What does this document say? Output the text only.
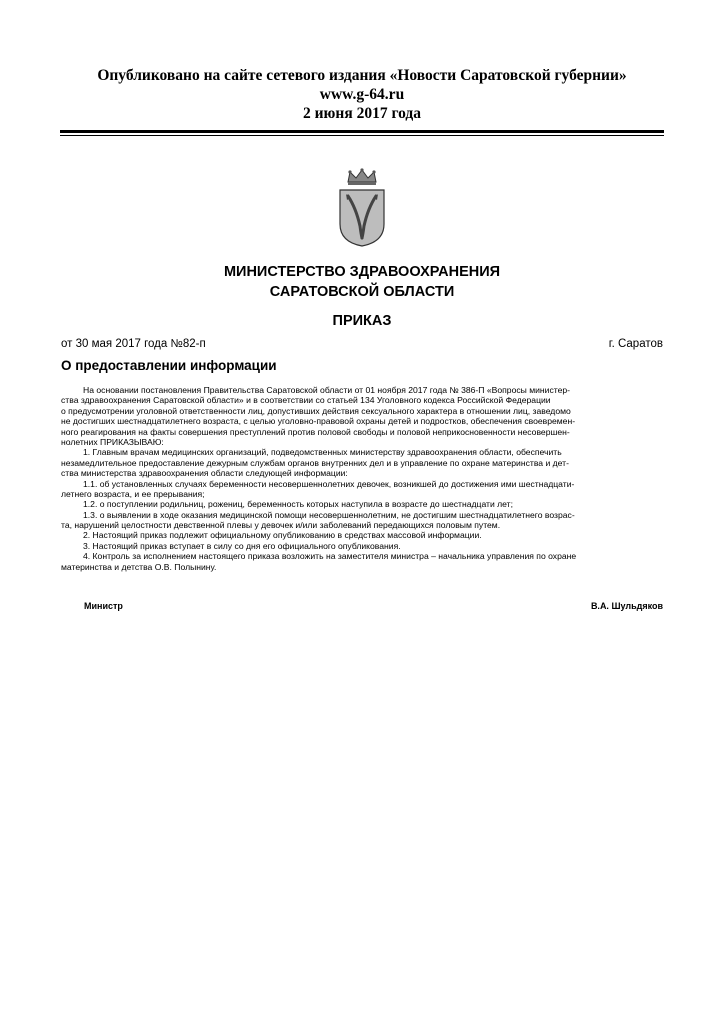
Опубликовано на сайте сетевого издания «Новости Саратовской губернии»
www.g-64.ru
2 июня 2017 года
МИНИСТЕРСТВО ЗДРАВООХРАНЕНИЯ
САРАТОВСКОЙ ОБЛАСТИ
ПРИКАЗ
от 30 мая 2017 года №82-п	г. Саратов
О предоставлении информации
На основании постановления Правительства Саратовской области от 01 ноября 2017 года № 386-П «Вопросы министер-
ства здравоохранения Саратовской области» и в соответствии со статьей 134 Уголовного кодекса Российской Федерации
о предусмотрении уголовной ответственности лиц, допустивших действия сексуального характера в отношении лиц, заведомо
не достигших шестнадцатилетнего возраста, с целью уголовно-правовой охраны детей и подростков, обеспечения своевремен-
ного реагирования на факты совершения преступлений против половой свободы и половой неприкосновенности несовершен-
нолетних ПРИКАЗЫВАЮ:
1. Главным врачам медицинских организаций, подведомственных министерству здравоохранения области, обеспечить
незамедлительное предоставление дежурным службам органов внутренних дел и в управление по охране материнства и дет-
ства министерства здравоохранения области следующей информации:
1.1. об установленных случаях беременности несовершеннолетних девочек, возникшей до достижения ими шестнадцати-
летнего возраста, и ее прерывания;
1.2. о поступлении родильниц, рожениц, беременность которых наступила в возрасте до шестнадцати лет;
1.3. о выявлении в ходе оказания медицинской помощи несовершеннолетним, не достигшим шестнадцатилетнего возрас-
та, нарушений целостности девственной плевы у девочек и/или заболеваний передающихся половым путем.
2. Настоящий приказ подлежит официальному опубликованию в средствах массовой информации.
3. Настоящий приказ вступает в силу со дня его официального опубликования.
4. Контроль за исполнением настоящего приказа возложить на заместителя министра – начальника управления по охране
материнства и детства О.В. Полынину.
Министр	В.А. Шульдяков
